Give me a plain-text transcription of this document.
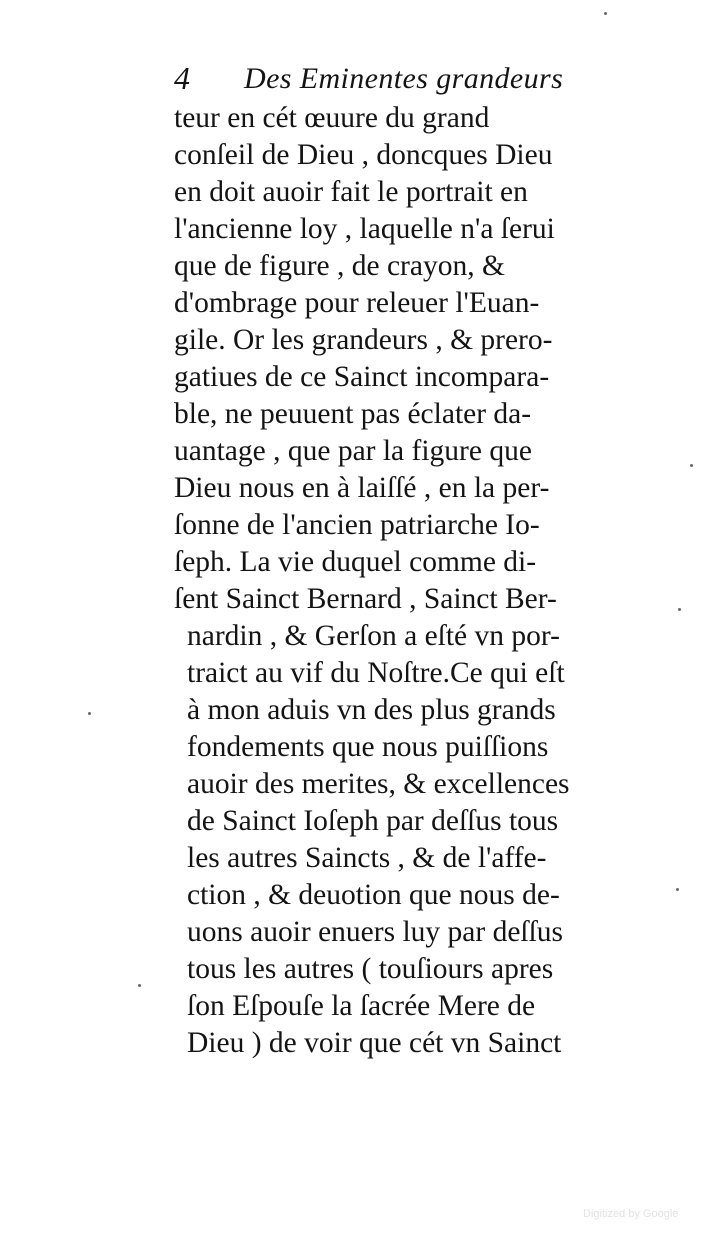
4 Des Eminentes grandeurs
teur en cét œuure du grand
conſeil de Dieu , doncques Dieu
en doit auoir fait le portrait en
l'ancienne loy , laquelle n'a ſerui
que de figure , de crayon, &
d'ombrage pour releuer l'Euan-
gile. Or les grandeurs , & prero-
gatiues de ce Sainct incompara-
ble, ne peuuent pas éclater da-
uantage , que par la figure que
Dieu nous en à laiſſé , en la per-
ſonne de l'ancien patriarche Io-
ſeph. La vie duquel comme di-
ſent Sainct Bernard , Sainct Ber-
nardin , & Gerſon a eſté vn por-
traict au vif du Noſtre.Ce qui eſt
à mon aduis vn des plus grands
fondements que nous puiſſions
auoir des merites, & excellences
de Sainct Ioſeph par deſſus tous
les autres Saincts , & de l'affe-
ction , & deuotion que nous de-
uons auoir enuers luy par deſſus
tous les autres ( touſiours apres
ſon Eſpouſe la ſacrée Mere de
Dieu ) de voir que cét vn Sainct
Digitized by Google
